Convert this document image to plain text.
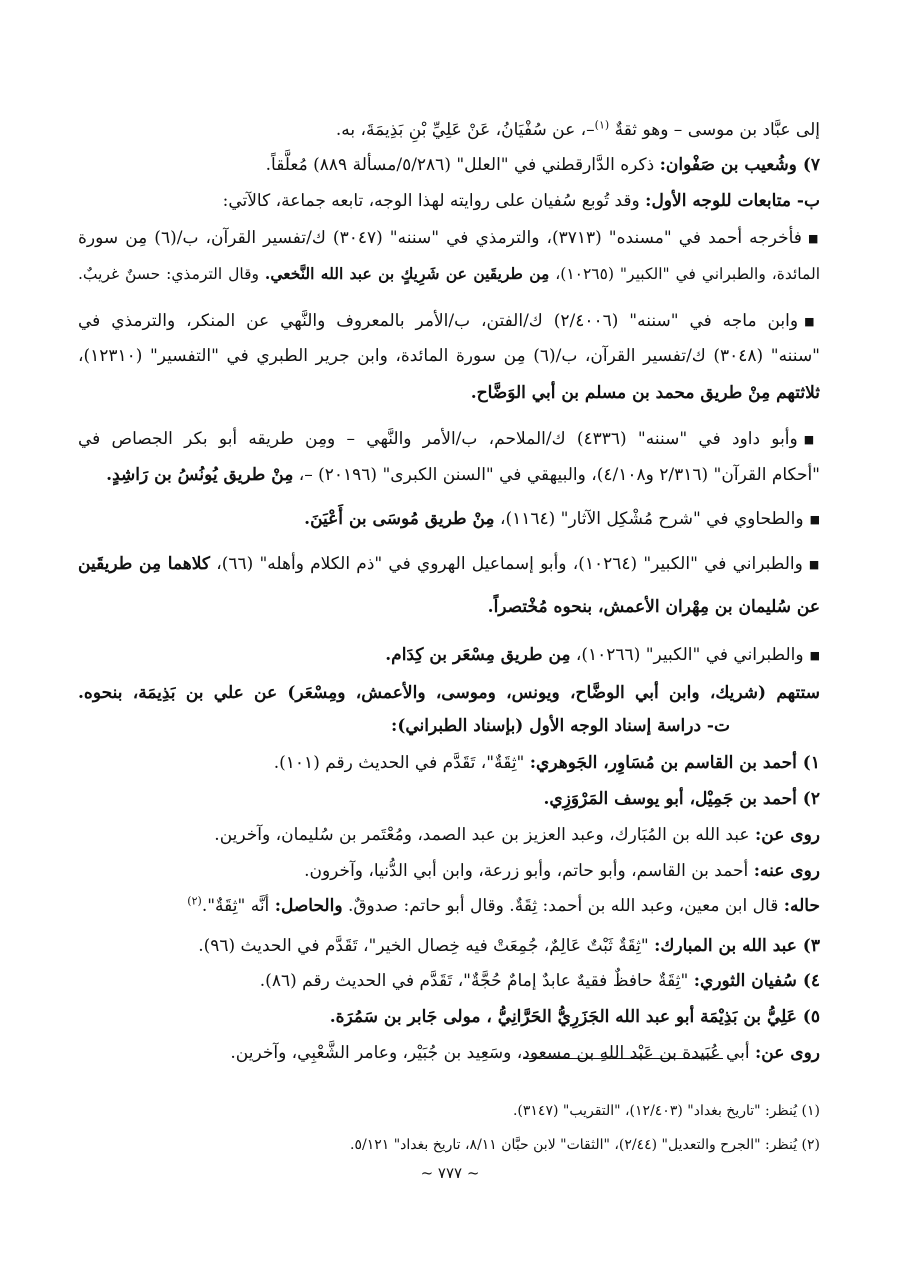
إلى عبَّاد بن موسى – وهو ثقةٌ $^{(١)}$–، عن سُفْيَانُ، عَنْ عَلِيِّ بْنِ بَذِيمَةَ، به.
٧) وشُعيب بن صَفْوان: ذكره الدَّارقطني في "العلل" (٥/٢٨٦/مسألة ٨٨٩) مُعلَّقاً.
ب- متابعات للوجه الأول: وقد تُوبع سُفيان على روايته لهذا الوجه، تابعه جماعة، كالآتي:
■فأخرجه أحمد في "مسنده" (٣٧١٣)، والترمذي في "سننه" (٣٠٤٧) ك/تفسير القرآن، ب/(٦) مِن سورة
المائدة، والطبراني في "الكبير" (١٠٢٦٥)، مِن طريقَين عن شَرِيكٍ بن عبد الله النَّخعي. وقال الترمذي: حسنٌ غريبٌ.
■وابن ماجه في "سننه" (٢/٤٠٠٦) ك/الفتن، ب/الأمر بالمعروف والنَّهي عن المنكر، والترمذي في
"سننه" (٣٠٤٨) ك/تفسير القرآن، ب/(٦) مِن سورة المائدة، وابن جرير الطبري في "التفسير" (١٢٣١٠)،
ثلاثتهم مِنْ طريق محمد بن مسلم بن أبي الوَضَّاح.
■وأبو داود في "سننه" (٤٣٣٦) ك/الملاحم، ب/الأمر والنَّهي – ومِن طريقه أبو بكر الجصاص في
"أحكام القرآن" (٢/٣١٦ و٤/١٠٨)، والبيهقي في "السنن الكبرى" (٢٠١٩٦) –، مِنْ طريق يُونُسُ بن رَاشِدٍ.
■والطحاوي في "شرح مُشْكِل الآثار" (١١٦٤)، مِنْ طريق مُوسَى بن أَعْيَنَ.
■والطبراني في "الكبير" (١٠٢٦٤)، وأبو إسماعيل الهروي في "ذم الكلام وأهله" (٦٦)، كلاهما مِن طريقَين
عن سُليمان بن مِهْران الأعمش، بنحوه مُخْتصراً.
■والطبراني في "الكبير" (١٠٢٦٦)، مِن طريق مِسْعَر بن كِدَام.
ستتهم (شريك، وابن أبي الوضَّاح، ويونس، وموسى، والأعمش، ومِسْعَر) عن علي بن بَذِيمَة، بنحوه.
ت- دراسة إسناد الوجه الأول (بإسناد الطبراني):
١) أحمد بن القاسم بن مُسَاوِر، الجَوهري: "ثِقَةٌ"، تَقَدَّم في الحديث رقم (١٠١).
٢) أحمد بن جَمِيْل، أبو يوسف المَرْوَزِي.
روى عن: عبد الله بن المُبَارك، وعبد العزيز بن عبد الصمد، ومُعْتَمر بن سُليمان، وآخرين.
روى عنه: أحمد بن القاسم، وأبو حاتم، وأبو زرعة، وابن أبي الدُّنيا، وآخرون.
حاله: قال ابن معين، وعبد الله بن أحمد: ثِقَةٌ. وقال أبو حاتم: صدوقٌ. والحاصل: أنَّه "ثِقَةٌ".$^{(٢)}$
٣) عبد الله بن المبارك: "ثِقَةٌ ثَبْتٌ عَالِمٌ، جُمِعَتْ فيه خِصال الخير"، تَقَدَّم في الحديث (٩٦).
٤) سُفيان الثوري: "ثِقَةٌ حافظٌ فقيهٌ عابدٌ إمامٌ حُجَّةٌ"، تَقَدَّم في الحديث رقم (٨٦).
٥) عَلِيُّ بن بَذِيْمَة أبو عبد الله الجَزَرِيُّ الحَرَّانِيُّ ، مولى جَابر بن سَمُرَة.
روى عن: أبي عُبَيدة بن عَبْد اللهِ بن مسعود، وسَعِيد بن جُبَيْر، وعامر الشَّعْبِي، وآخرين.
(١) يُنظر: "تاريخ بغداد" (١٢/٤٠٣)، "التقريب" (٣١٤٧).
(٢) يُنظر: "الجرح والتعديل" (٢/٤٤)، "الثقات" لابن حبَّان ٨/١١، تاريخ بغداد" ٥/١٢١.
~ ٧٧٧ ~
